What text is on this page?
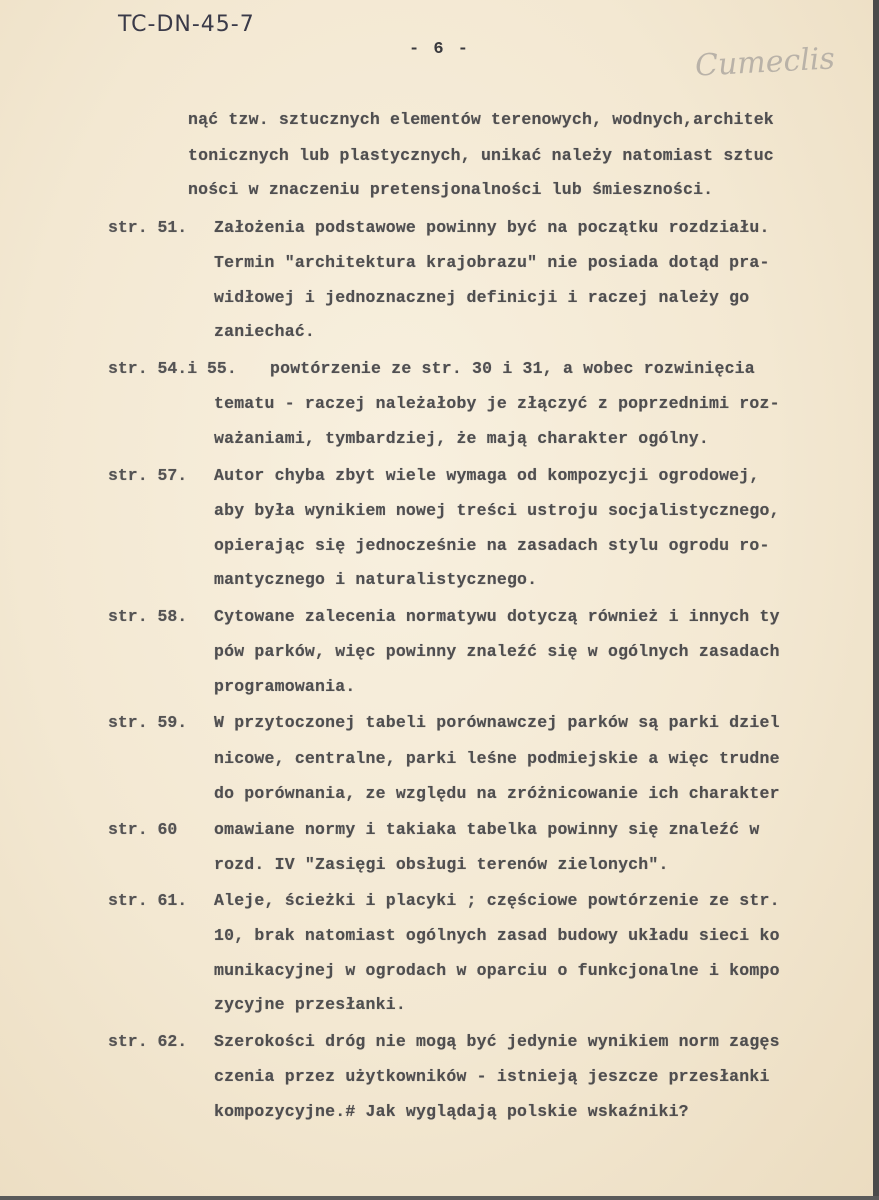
TC-DN-45-7
Cumeclis
- 6 -
nąć tzw. sztucznych elementów terenowych, wodnych,architek
tonicznych lub plastycznych, unikać należy natomiast sztuc
ności w znaczeniu pretensjonalności lub śmieszności.
str. 51. Założenia podstawowe powinny być na początku rozdziału.
Termin "architektura krajobrazu" nie posiada dotąd pra-
widłowej i jednoznacznej definicji i raczej należy go
zaniechać.
str. 54.i 55. powtórzenie ze str. 30 i 31, a wobec rozwinięcia
tematu - raczej należałoby je złączyć z poprzednimi roz-
ważaniami, tymbardziej, że mają charakter ogólny.
str. 57. Autor chyba zbyt wiele wymaga od kompozycji ogrodowej,
aby była wynikiem nowej treści ustroju socjalistycznego,
opierając się jednocześnie na zasadach stylu ogrodu ro-
mantycznego i naturalistycznego.
str. 58. Cytowane zalecenia normatywu dotyczą również i innych ty
pów parków, więc powinny znaleźć się w ogólnych zasadach
programowania.
str. 59. W przytoczonej tabeli porównawczej parków są parki dziel
nicowe, centralne, parki leśne podmiejskie a więc trudne
do porównania, ze względu na zróżnicowanie ich charakter
str. 60 omawiane normy i takiaka tabelka powinny się znaleźć w
rozd. IV "Zasięgi obsługi terenów zielonych".
str. 61. Aleje, ścieżki i placyki ; częściowe powtórzenie ze str.
10, brak natomiast ogólnych zasad budowy układu sieci ko
munikacyjnej w ogrodach w oparciu o funkcjonalne i kompo
zycyjne przesłanki.
str. 62. Szerokości dróg nie mogą być jedynie wynikiem norm zagęs
czenia przez użytkowników - istnieją jeszcze przesłanki
kompozycyjne.# Jak wyglądają polskie wskaźniki?
